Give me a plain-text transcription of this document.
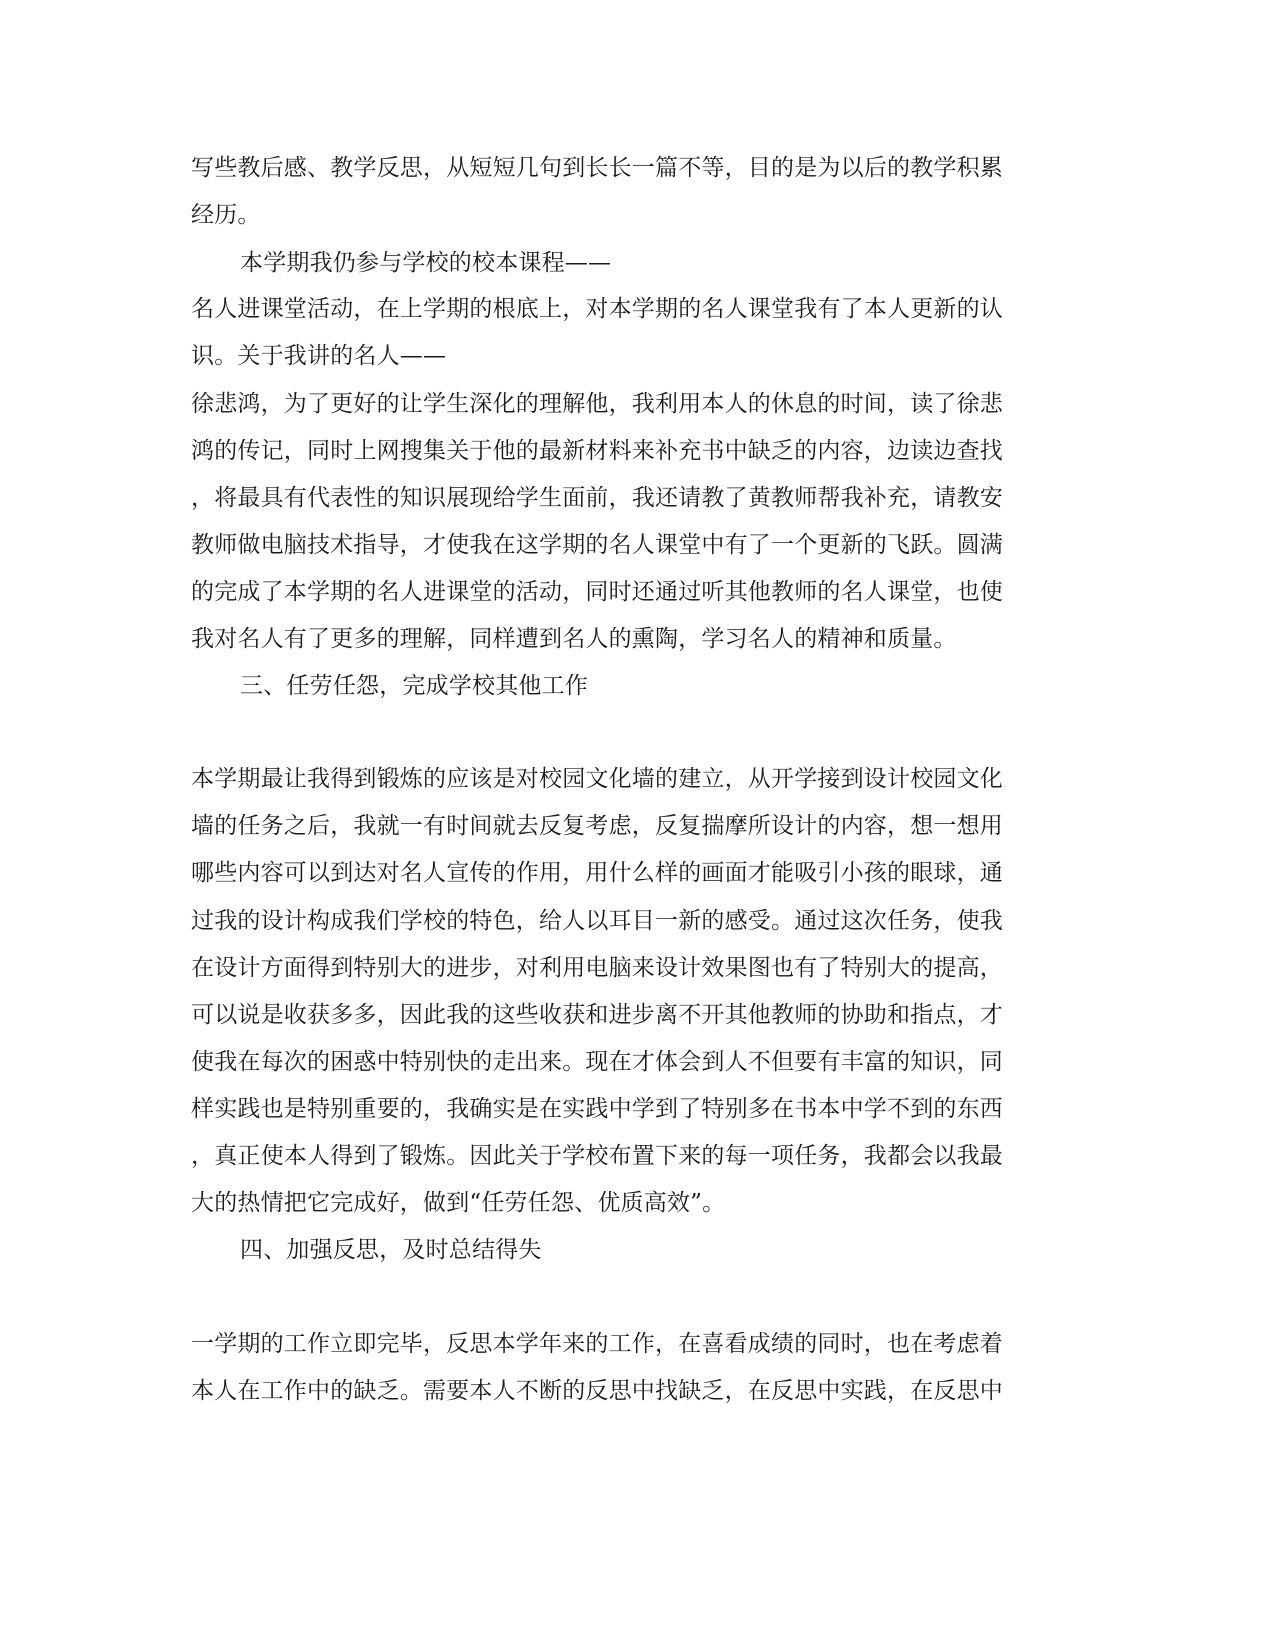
写些教后感、教学反思，从短短几句到长长一篇不等，目的是为以后的教学积累
经历。
本学期我仍参与学校的校本课程——
名人进课堂活动，在上学期的根底上，对本学期的名人课堂我有了本人更新的认
识。关于我讲的名人——
徐悲鸿，为了更好的让学生深化的理解他，我利用本人的休息的时间，读了徐悲
鸿的传记，同时上网搜集关于他的最新材料来补充书中缺乏的内容，边读边查找
，将最具有代表性的知识展现给学生面前，我还请教了黄教师帮我补充，请教安
教师做电脑技术指导，才使我在这学期的名人课堂中有了一个更新的飞跃。圆满
的完成了本学期的名人进课堂的活动，同时还通过听其他教师的名人课堂，也使
我对名人有了更多的理解，同样遭到名人的熏陶，学习名人的精神和质量。
三、任劳任怨，完成学校其他工作
本学期最让我得到锻炼的应该是对校园文化墙的建立，从开学接到设计校园文化
墙的任务之后，我就一有时间就去反复考虑，反复揣摩所设计的内容，想一想用
哪些内容可以到达对名人宣传的作用，用什么样的画面才能吸引小孩的眼球，通
过我的设计构成我们学校的特色，给人以耳目一新的感受。通过这次任务，使我
在设计方面得到特别大的进步，对利用电脑来设计效果图也有了特别大的提高，
可以说是收获多多，因此我的这些收获和进步离不开其他教师的协助和指点，才
使我在每次的困惑中特别快的走出来。现在才体会到人不但要有丰富的知识，同
样实践也是特别重要的，我确实是在实践中学到了特别多在书本中学不到的东西
，真正使本人得到了锻炼。因此关于学校布置下来的每一项任务，我都会以我最
大的热情把它完成好，做到“任劳任怨、优质高效”。
四、加强反思，及时总结得失
一学期的工作立即完毕，反思本学年来的工作，在喜看成绩的同时，也在考虑着
本人在工作中的缺乏。需要本人不断的反思中找缺乏，在反思中实践，在反思中
